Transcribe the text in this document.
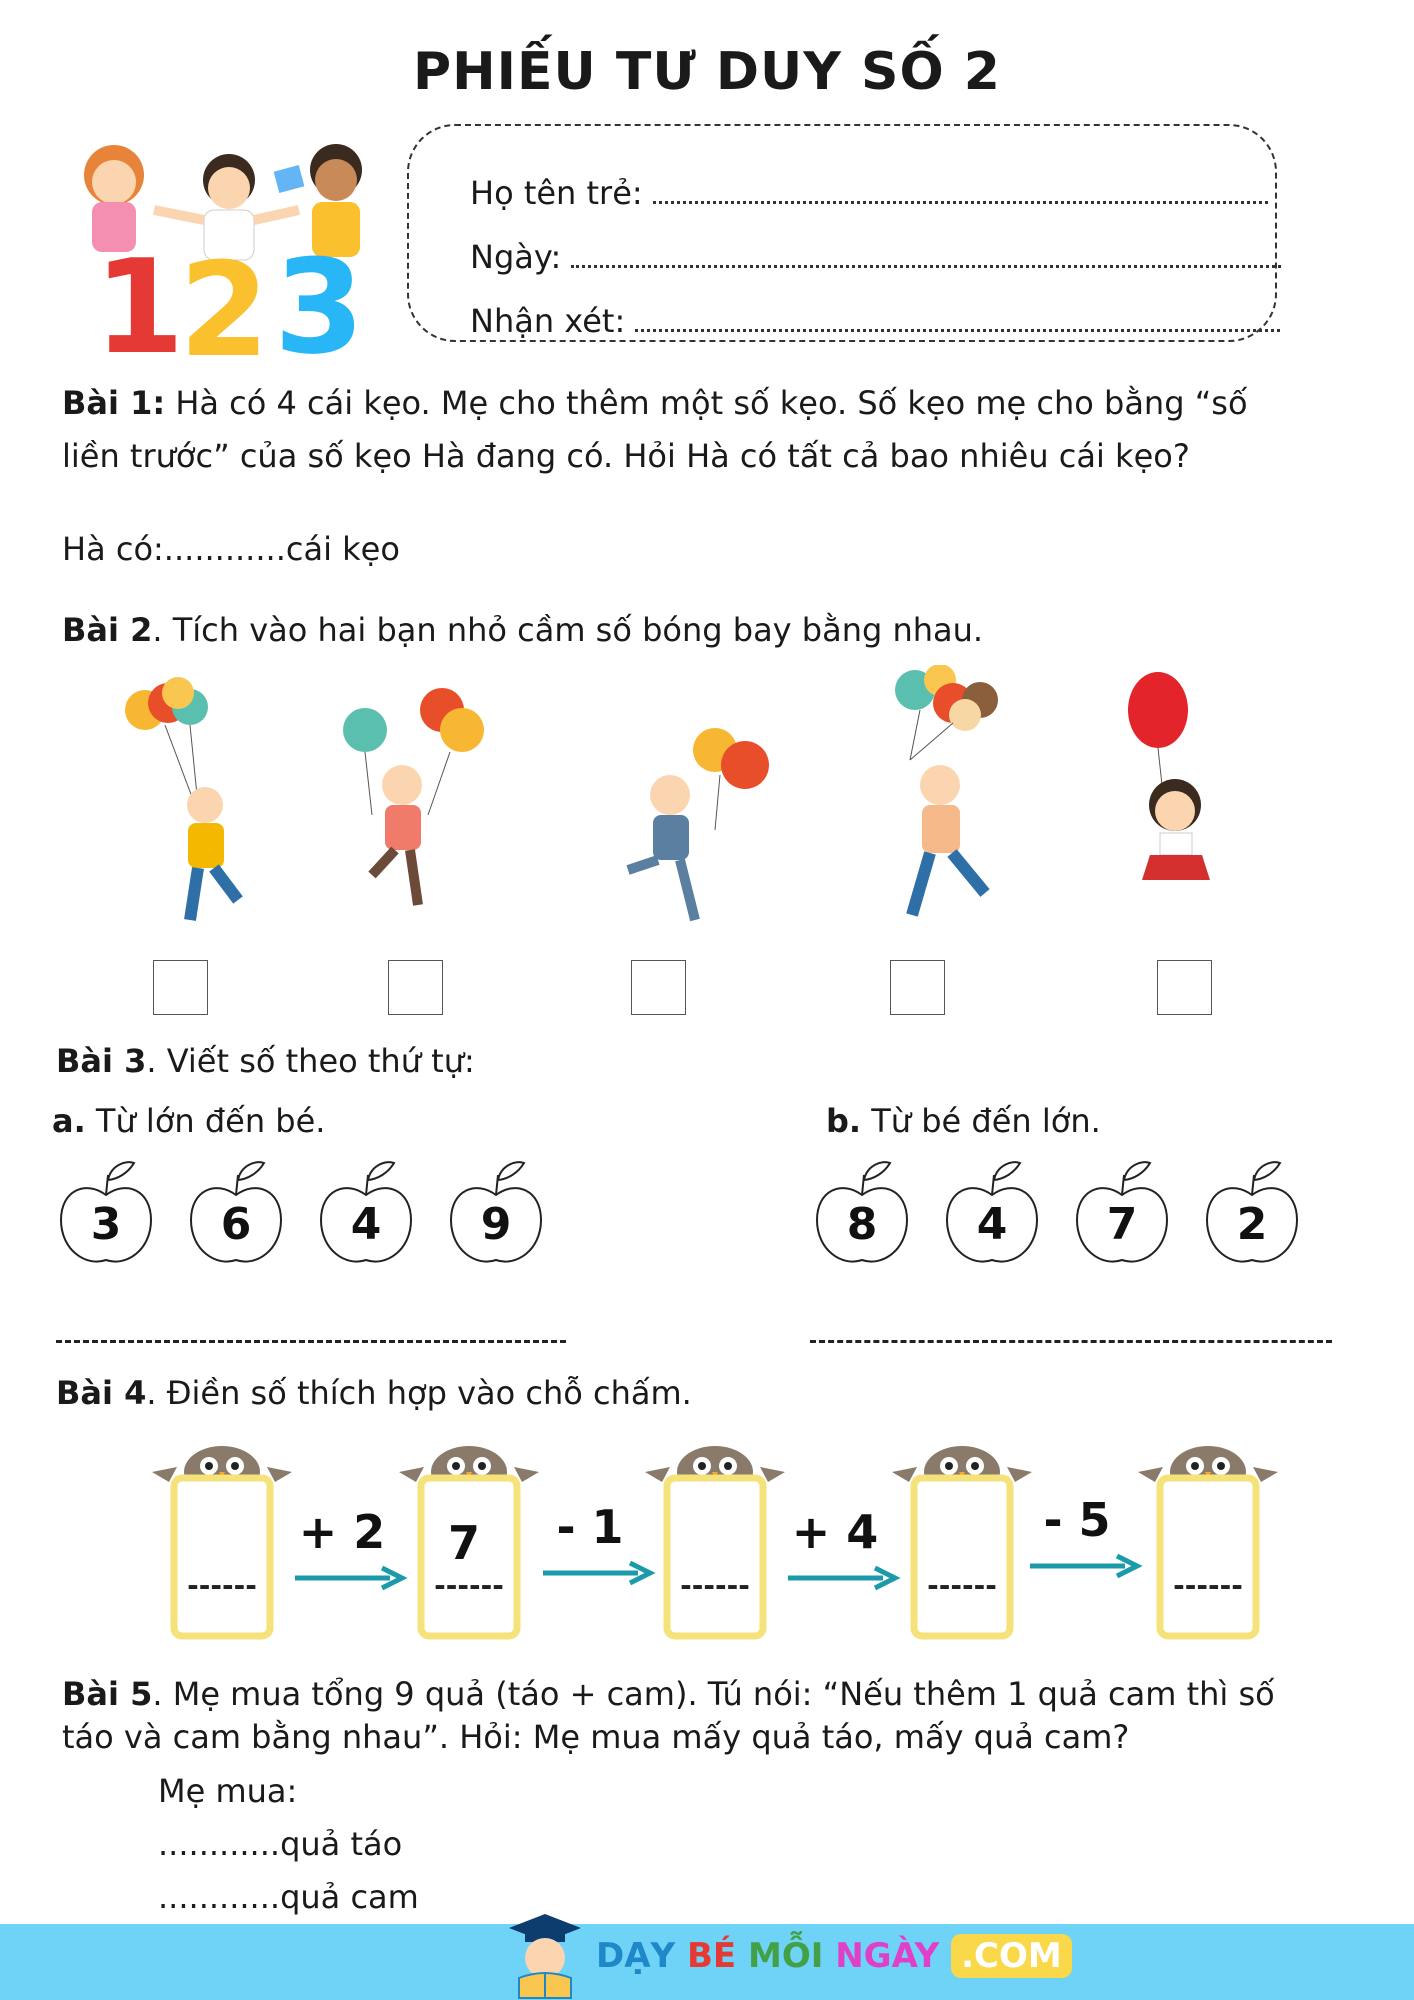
PHIẾU TƯ DUY SỐ 2
1
2 3
Họ tên trẻ:
Ngày:
Nhận xét:
Bài 1: Hà có 4 cái kẹo. Mẹ cho thêm một số kẹo. Số kẹo mẹ cho bằng “số
liền trước” của số kẹo Hà đang có. Hỏi Hà có tất cả bao nhiêu cái kẹo?
Hà có:............cái kẹo
Bài 2. Tích vào hai bạn nhỏ cầm số bóng bay bằng nhau.
Bài 3. Viết số theo thứ tự:
a. Từ lớn đến bé.	b. Từ bé đến lớn.
3 6 4 9	8 4 7 2
Bài 4. Điền số thích hợp vào chỗ chấm.
------
7
------	------	------	------
+ 2	- 1	+ 4	- 5
Bài 5. Mẹ mua tổng 9 quả (táo + cam). Tú nói: “Nếu thêm 1 quả cam thì số
táo và cam bằng nhau”. Hỏi: Mẹ mua mấy quả táo, mấy quả cam?
Mẹ mua:
............quả táo
............quả cam
DẠY BÉ MỖI NGÀY .COM
